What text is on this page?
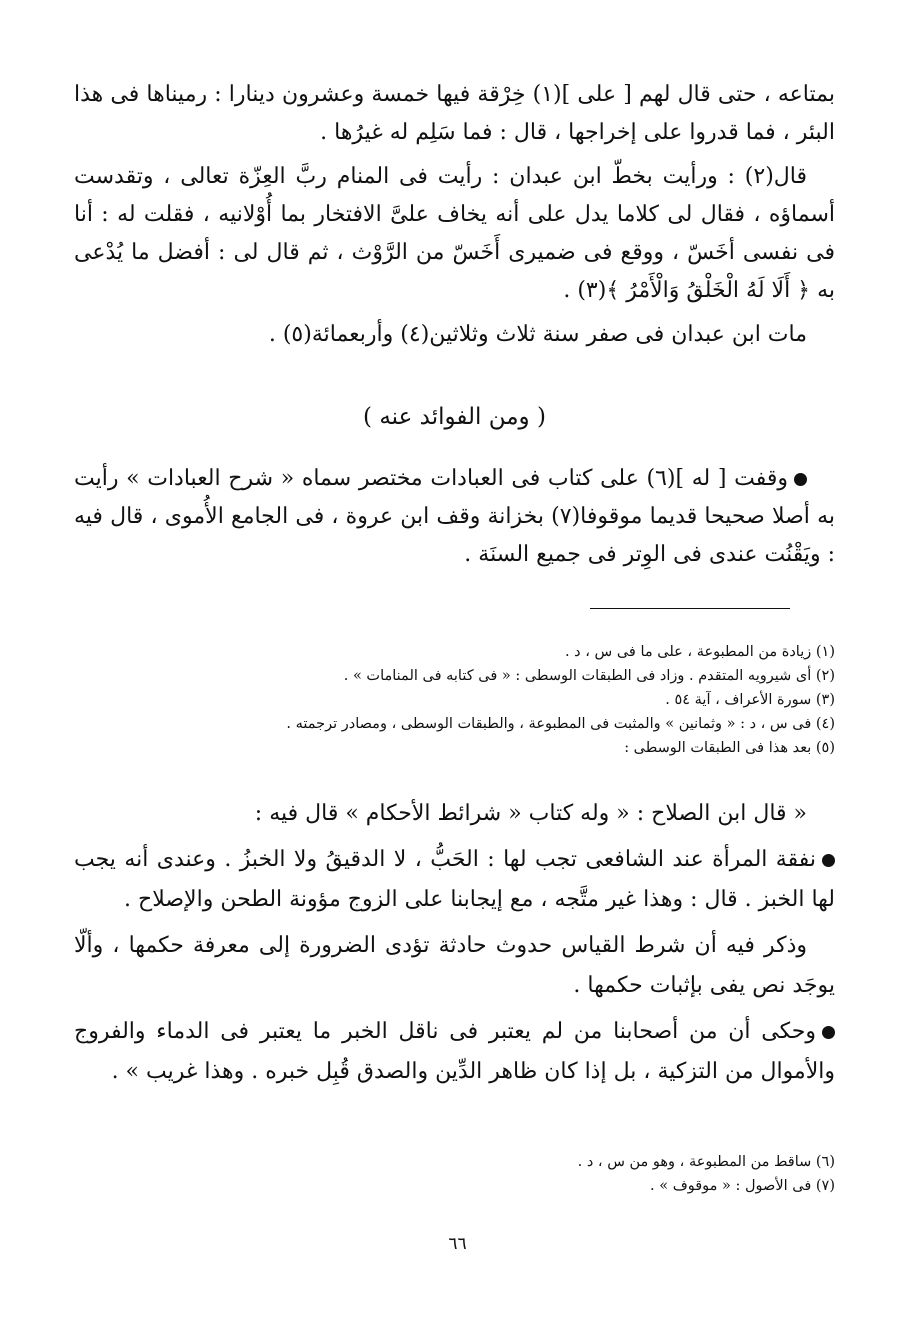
بمتاعه ، حتى قال لهم [ على ](١) خِرْقة فيها خمسة وعشرون دينارا : رميناها فى هذا البئر ، فما قدروا على إخراجها ، قال : فما سَلِم له غيرُها .

قال(٢) : ورأيت بخطّ ابن عبدان : رأيت فى المنام ربَّ العِزّة تعالى ، وتقدست أسماؤه ، فقال لى كلاما يدل على أنه يخاف علىَّ الافتخار بما أُوْلانيه ، فقلت له : أنا فى نفسى أخَسّ ، ووقع فى ضميرى أَخَسّ من الرَّوْث ، ثم قال لى : أفضل ما يُدْعى به ﴿ أَلَا لَهُ الْخَلْقُ وَالْأَمْرُ ﴾(٣) .

مات ابن عبدان فى صفر سنة ثلاث وثلاثين(٤) وأربعمائة(٥) .

( ومن الفوائد عنه )

وقفت [ له ](٦) على كتاب فى العبادات مختصر سماه « شرح العبادات » رأيت به أصلا صحيحا قديما موقوفا(٧) بخزانة وقف ابن عروة ، فى الجامع الأُموى ، قال فيه : ويَقْنُت عندى فى الوِتر فى جميع السنَة .

(١) زيادة من المطبوعة ، على ما فى س ، د .

(٢) أى شيرويه المتقدم . وزاد فى الطبقات الوسطى : « فى كتابه فى المنامات » .

(٣) سورة الأعراف ، آية ٥٤ .

(٤) فى س ، د : « وثمانين » والمثبت فى المطبوعة ، والطبقات الوسطى ، ومصادر ترجمته .

(٥) بعد هذا فى الطبقات الوسطى :

« قال ابن الصلاح : « وله كتاب « شرائط الأحكام » قال فيه :

نفقة المرأة عند الشافعى تجب لها : الحَبُّ ، لا الدقيقُ ولا الخبزُ . وعندى أنه يجب لها الخبز . قال : وهذا غير متَّجه ، مع إيجابنا على الزوج مؤونة الطحن والإصلاح .

وذكر فيه أن شرط القياس حدوث حادثة تؤدى الضرورة إلى معرفة حكمها ، وألّا يوجَد نص يفى بإثبات حكمها .

وحكى أن من أصحابنا من لم يعتبر فى ناقل الخبر ما يعتبر فى الدماء والفروج والأموال من التزكية ، بل إذا كان ظاهر الدِّين والصدق قُبِل خبره . وهذا غريب » .

(٦) ساقط من المطبوعة ، وهو من س ، د .

(٧) فى الأصول : « موقوف » .

٦٦
